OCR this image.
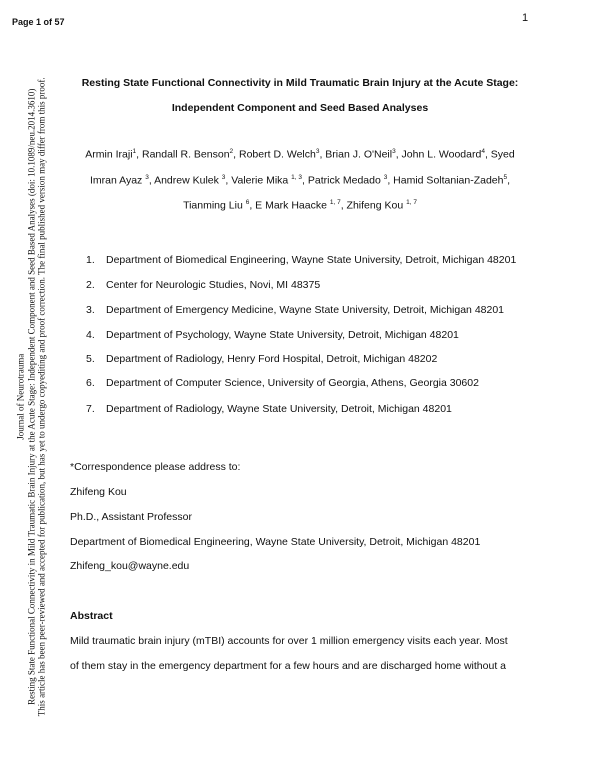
Page 1 of 57	1
Resting State Functional Connectivity in Mild Traumatic Brain Injury at the Acute Stage:
Independent Component and Seed Based Analyses
Armin Iraji$^1$, Randall R. Benson$^2$, Robert D. Welch$^3$, Brian J. O'Neil$^3$, John L. Woodard$^4$, Syed
Imran Ayaz $^3$, Andrew Kulek $^3$, Valerie Mika $^{1, 3}$, Patrick Medado $^3$, Hamid Soltanian-Zadeh$^5$,
Tianming Liu $^6$, E Mark Haacke $^{1, 7}$, Zhifeng Kou $^{1, 7}$
1. Department of Biomedical Engineering, Wayne State University, Detroit, Michigan 48201
2. Center for Neurologic Studies, Novi, MI 48375
3. Department of Emergency Medicine, Wayne State University, Detroit, Michigan 48201
4. Department of Psychology, Wayne State University, Detroit, Michigan 48201
5. Department of Radiology, Henry Ford Hospital, Detroit, Michigan 48202
6. Department of Computer Science, University of Georgia, Athens, Georgia 30602
7. Department of Radiology, Wayne State University, Detroit, Michigan 48201
*Correspondence please address to:
Zhifeng Kou
Ph.D., Assistant Professor
Department of Biomedical Engineering, Wayne State University, Detroit, Michigan 48201
Zhifeng_kou@wayne.edu
Abstract
Mild traumatic brain injury (mTBI) accounts for over 1 million emergency visits each year. Most
of them stay in the emergency department for a few hours and are discharged home without a
Journal of Neurotrauma Resting State Functional Connectivity in Mild Traumatic Brain Injury at the Acute Stage: Independent Component and Seed Based Analyses (doi: 10.1089/neu.2014.3610) This article has been peer-reviewed and accepted for publication, but has yet to undergo copyediting and proof correction. The final published version may differ from this proof.
